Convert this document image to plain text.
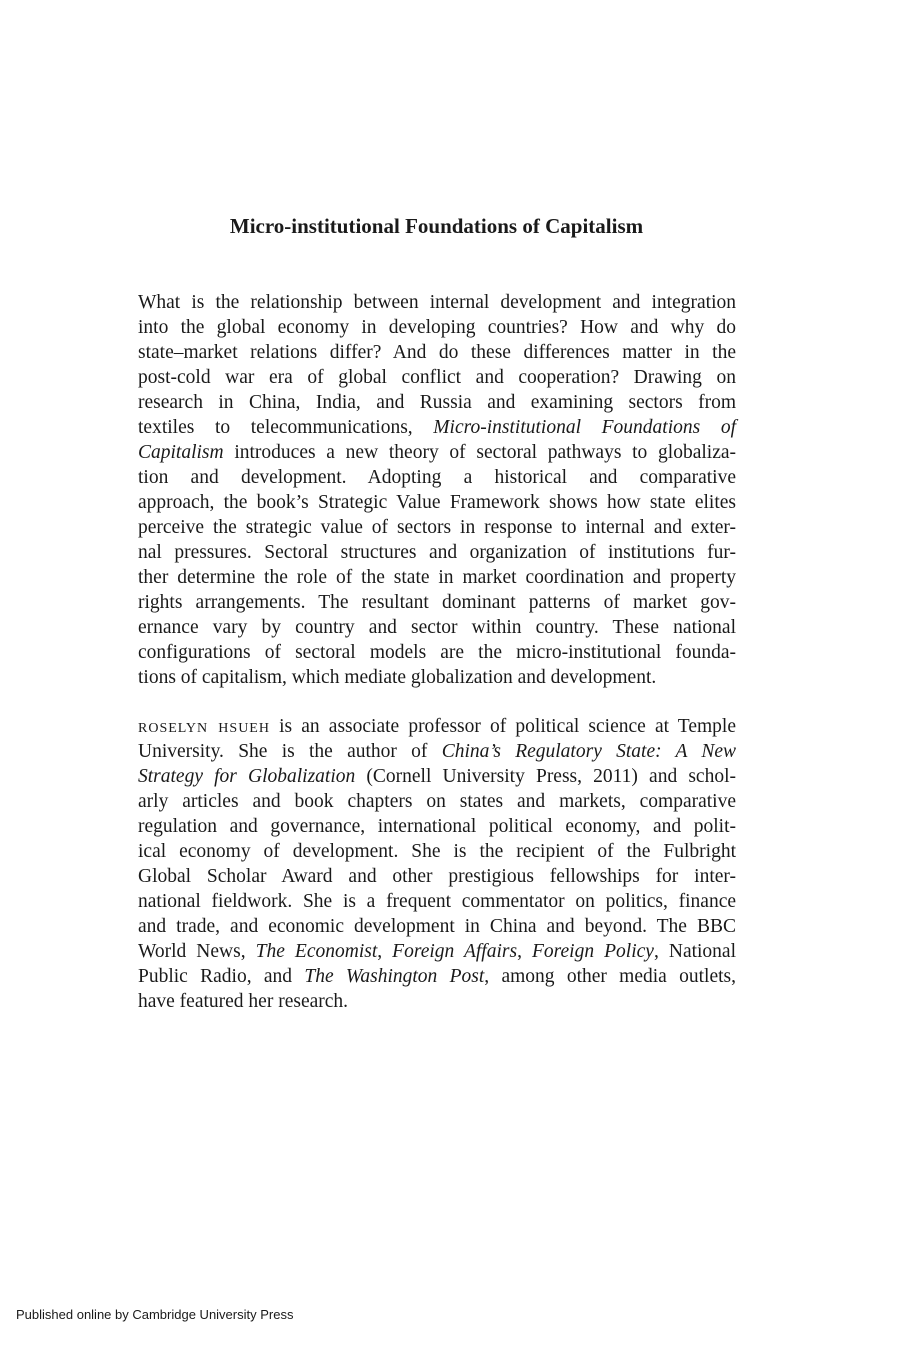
Micro-institutional Foundations of Capitalism
What is the relationship between internal development and integration
into the global economy in developing countries? How and why do
state–market relations differ? And do these differences matter in the
post-cold war era of global conflict and cooperation? Drawing on
research in China, India, and Russia and examining sectors from
textiles to telecommunications, Micro-institutional Foundations of
Capitalism introduces a new theory of sectoral pathways to globaliza-
tion and development. Adopting a historical and comparative
approach, the book’s Strategic Value Framework shows how state elites
perceive the strategic value of sectors in response to internal and exter-
nal pressures. Sectoral structures and organization of institutions fur-
ther determine the role of the state in market coordination and property
rights arrangements. The resultant dominant patterns of market gov-
ernance vary by country and sector within country. These national
configurations of sectoral models are the micro-institutional founda-
tions of capitalism, which mediate globalization and development.
roselyn hsueh is an associate professor of political science at Temple
University. She is the author of China’s Regulatory State: A New
Strategy for Globalization (Cornell University Press, 2011) and schol-
arly articles and book chapters on states and markets, comparative
regulation and governance, international political economy, and polit-
ical economy of development. She is the recipient of the Fulbright
Global Scholar Award and other prestigious fellowships for inter-
national fieldwork. She is a frequent commentator on politics, finance
and trade, and economic development in China and beyond. The BBC
World News, The Economist, Foreign Affairs, Foreign Policy, National
Public Radio, and The Washington Post, among other media outlets,
have featured her research.
Published online by Cambridge University Press
